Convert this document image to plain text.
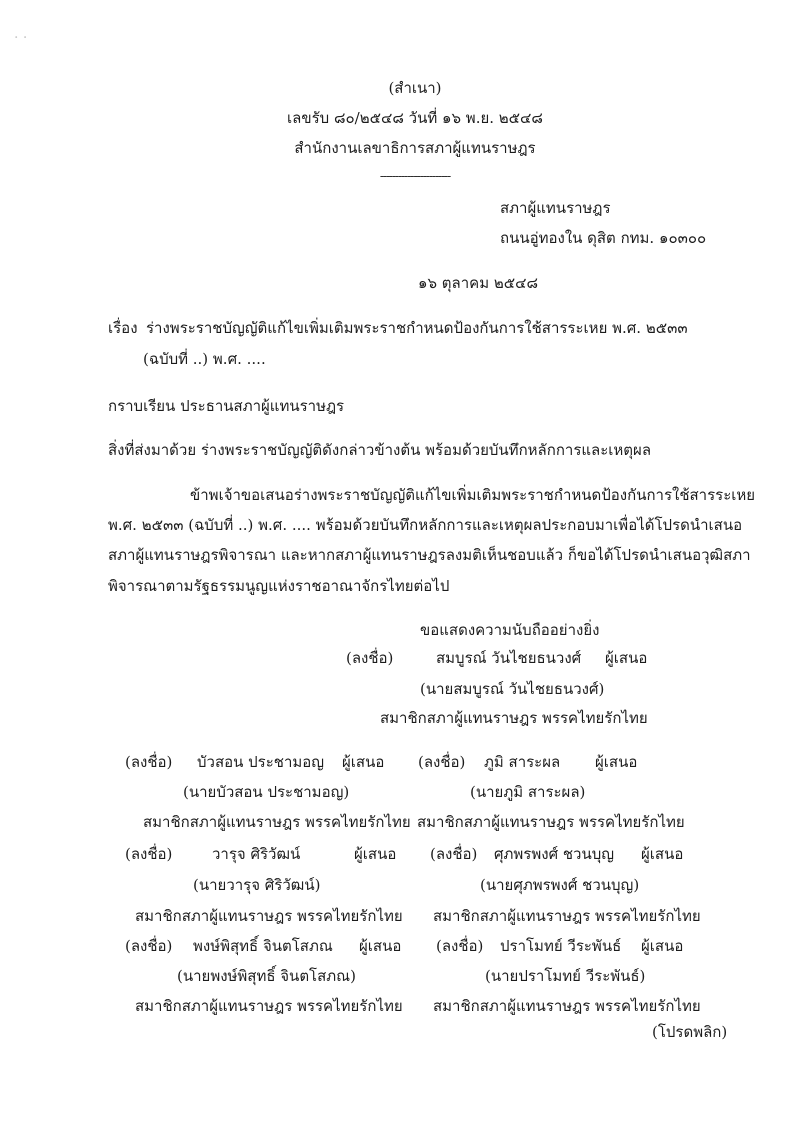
· ·
(สำเนา)
เลขรับ ๘๐/๒๕๔๘ วันที่ ๑๖ พ.ย. ๒๕๔๘
สำนักงานเลขาธิการสภาผู้แทนราษฎร
-----------------------
สภาผู้แทนราษฎร
ถนนอู่ทองใน ดุสิต กทม. ๑๐๓๐๐
๑๖ ตุลาคม ๒๕๔๘
เรื่อง ร่างพระราชบัญญัติแก้ไขเพิ่มเติมพระราชกำหนดป้องกันการใช้สารระเหย พ.ศ. ๒๕๓๓
(ฉบับที่ ..) พ.ศ. ....
กราบเรียน ประธานสภาผู้แทนราษฎร
สิ่งที่ส่งมาด้วย ร่างพระราชบัญญัติดังกล่าวข้างต้น พร้อมด้วยบันทึกหลักการและเหตุผล
ข้าพเจ้าขอเสนอร่างพระราชบัญญัติแก้ไขเพิ่มเติมพระราชกำหนดป้องกันการใช้สารระเหย
พ.ศ. ๒๕๓๓ (ฉบับที่ ..) พ.ศ. .... พร้อมด้วยบันทึกหลักการและเหตุผลประกอบมาเพื่อได้โปรดนำเสนอ
สภาผู้แทนราษฎรพิจารณา และหากสภาผู้แทนราษฎรลงมติเห็นชอบแล้ว ก็ขอได้โปรดนำเสนอวุฒิสภา
พิจารณาตามรัฐธรรมนูญแห่งราชอาณาจักรไทยต่อไป
ขอแสดงความนับถืออย่างยิ่ง
(ลงชื่อ)	สมบูรณ์ วันไชยธนวงศ์ ผู้เสนอ
(นายสมบูรณ์ วันไชยธนวงศ์)
สมาชิกสภาผู้แทนราษฎร พรรคไทยรักไทย
(ลงชื่อ) บัวสอน ประชามอญ ผู้เสนอ
(นายบัวสอน ประชามอญ)
สมาชิกสภาผู้แทนราษฎร พรรคไทยรักไทย
(ลงชื่อ) ภูมิ สาระผล ผู้เสนอ
(นายภูมิ สาระผล)
สมาชิกสภาผู้แทนราษฎร พรรคไทยรักไทย
(ลงชื่อ)	วารุจ ศิริวัฒน์	ผู้เสนอ
(นายวารุจ ศิริวัฒน์)
สมาชิกสภาผู้แทนราษฎร พรรคไทยรักไทย
(ลงชื่อ) ศุภพรพงศ์ ชวนบุญ ผู้เสนอ
(นายศุภพรพงศ์ ชวนบุญ)
สมาชิกสภาผู้แทนราษฎร พรรคไทยรักไทย
(ลงชื่อ) พงษ์พิสุทธิ์ จินตโสภณ ผู้เสนอ
(นายพงษ์พิสุทธิ์ จินตโสภณ)
สมาชิกสภาผู้แทนราษฎร พรรคไทยรักไทย
(ลงชื่อ) ปราโมทย์ วีระพันธ์ ผู้เสนอ
(นายปราโมทย์ วีระพันธ์)
สมาชิกสภาผู้แทนราษฎร พรรคไทยรักไทย
(โปรดพลิก)
